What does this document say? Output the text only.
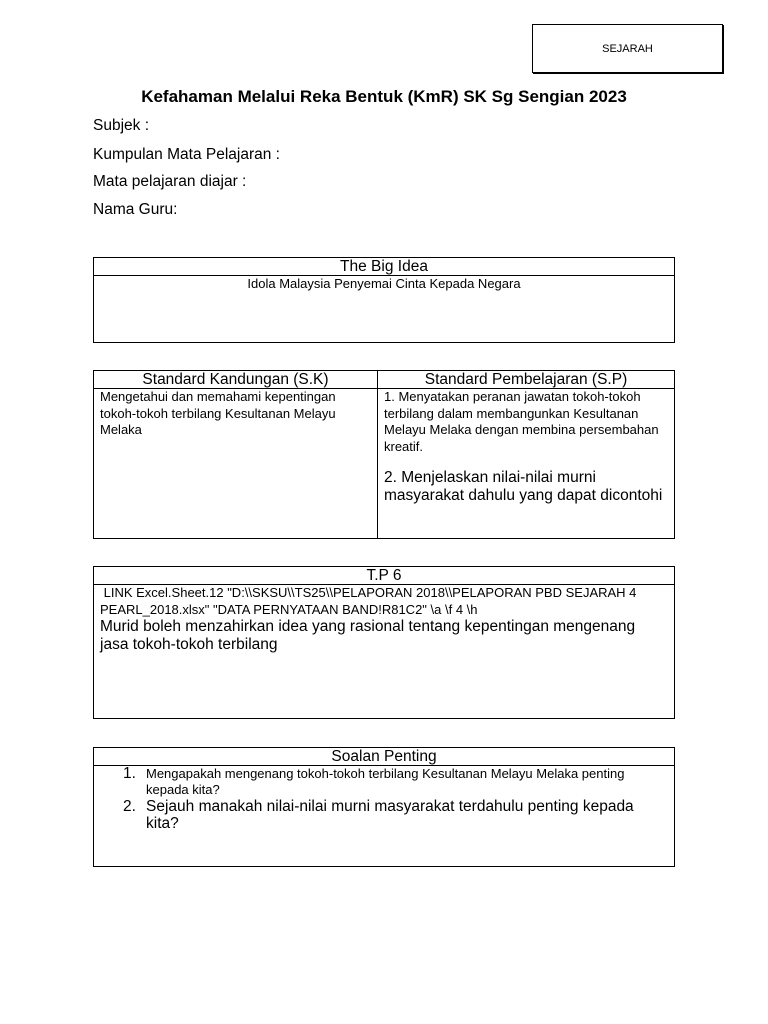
SEJARAH
Kefahaman Melalui Reka Bentuk (KmR) SK Sg Sengian 2023
Subjek :
Kumpulan Mata Pelajaran :
Mata pelajaran diajar :
Nama Guru:
The Big Idea
Idola Malaysia Penyemai Cinta Kepada Negara
Standard Kandungan (S.K)	Standard Pembelajaran (S.P)
Mengetahui dan memahami kepentingan tokoh-tokoh terbilang Kesultanan Melayu Melaka
1. Menyatakan peranan jawatan tokoh-tokoh terbilang dalam membangunkan Kesultanan Melayu Melaka dengan membina persembahan kreatif.
2. Menjelaskan nilai-nilai murni masyarakat dahulu yang dapat dicontohi
T.P 6
LINK Excel.Sheet.12 "D:\\SKSU\\TS25\\PELAPORAN 2018\\PELAPORAN PBD SEJARAH 4 PEARL_2018.xlsx" "DATA PERNYATAAN BAND!R81C2" \a \f 4 \h
Murid boleh menzahirkan idea yang rasional tentang kepentingan mengenang jasa tokoh-tokoh terbilang
Soalan Penting
1. Mengapakah mengenang tokoh-tokoh terbilang Kesultanan Melayu Melaka penting kepada kita?
2. Sejauh manakah nilai-nilai murni masyarakat terdahulu penting kepada kita?
